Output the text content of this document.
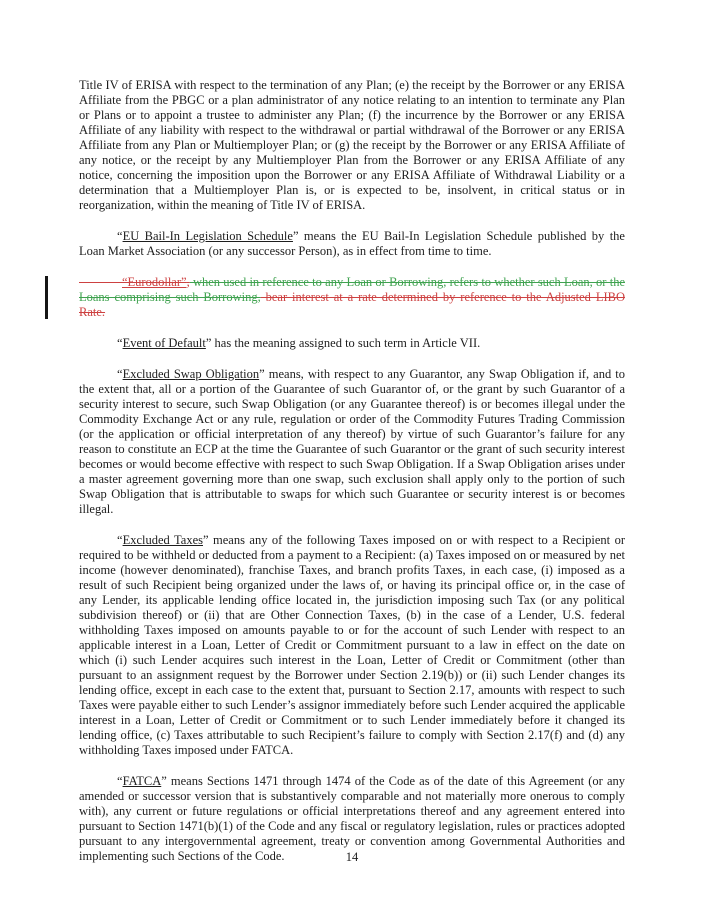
Title IV of ERISA with respect to the termination of any Plan; (e) the receipt by the Borrower or any ERISA Affiliate from the PBGC or a plan administrator of any notice relating to an intention to terminate any Plan or Plans or to appoint a trustee to administer any Plan; (f) the incurrence by the Borrower or any ERISA Affiliate of any liability with respect to the withdrawal or partial withdrawal of the Borrower or any ERISA Affiliate from any Plan or Multiemployer Plan; or (g) the receipt by the Borrower or any ERISA Affiliate of any notice, or the receipt by any Multiemployer Plan from the Borrower or any ERISA Affiliate of any notice, concerning the imposition upon the Borrower or any ERISA Affiliate of Withdrawal Liability or a determination that a Multiemployer Plan is, or is expected to be, insolvent, in critical status or in reorganization, within the meaning of Title IV of ERISA.

“EU Bail-In Legislation Schedule” means the EU Bail-In Legislation Schedule published by the Loan Market Association (or any successor Person), as in effect from time to time.

“Eurodollar”, when used in reference to any Loan or Borrowing, refers to whether such Loan, or the Loans comprising such Borrowing, bear interest at a rate determined by reference to the Adjusted LIBO Rate.

“Event of Default” has the meaning assigned to such term in Article VII.

“Excluded Swap Obligation” means, with respect to any Guarantor, any Swap Obligation if, and to the extent that, all or a portion of the Guarantee of such Guarantor of, or the grant by such Guarantor of a security interest to secure, such Swap Obligation (or any Guarantee thereof) is or becomes illegal under the Commodity Exchange Act or any rule, regulation or order of the Commodity Futures Trading Commission (or the application or official interpretation of any thereof) by virtue of such Guarantor’s failure for any reason to constitute an ECP at the time the Guarantee of such Guarantor or the grant of such security interest becomes or would become effective with respect to such Swap Obligation. If a Swap Obligation arises under a master agreement governing more than one swap, such exclusion shall apply only to the portion of such Swap Obligation that is attributable to swaps for which such Guarantee or security interest is or becomes illegal.

“Excluded Taxes” means any of the following Taxes imposed on or with respect to a Recipient or required to be withheld or deducted from a payment to a Recipient: (a) Taxes imposed on or measured by net income (however denominated), franchise Taxes, and branch profits Taxes, in each case, (i) imposed as a result of such Recipient being organized under the laws of, or having its principal office or, in the case of any Lender, its applicable lending office located in, the jurisdiction imposing such Tax (or any political subdivision thereof) or (ii) that are Other Connection Taxes, (b) in the case of a Lender, U.S. federal withholding Taxes imposed on amounts payable to or for the account of such Lender with respect to an applicable interest in a Loan, Letter of Credit or Commitment pursuant to a law in effect on the date on which (i) such Lender acquires such interest in the Loan, Letter of Credit or Commitment (other than pursuant to an assignment request by the Borrower under Section 2.19(b)) or (ii) such Lender changes its lending office, except in each case to the extent that, pursuant to Section 2.17, amounts with respect to such Taxes were payable either to such Lender’s assignor immediately before such Lender acquired the applicable interest in a Loan, Letter of Credit or Commitment or to such Lender immediately before it changed its lending office, (c) Taxes attributable to such Recipient’s failure to comply with Section 2.17(f) and (d) any withholding Taxes imposed under FATCA.

“FATCA” means Sections 1471 through 1474 of the Code as of the date of this Agreement (or any amended or successor version that is substantively comparable and not materially more onerous to comply with), any current or future regulations or official interpretations thereof and any agreement entered into pursuant to Section 1471(b)(1) of the Code and any fiscal or regulatory legislation, rules or practices adopted pursuant to any intergovernmental agreement, treaty or convention among Governmental Authorities and implementing such Sections of the Code.	14
